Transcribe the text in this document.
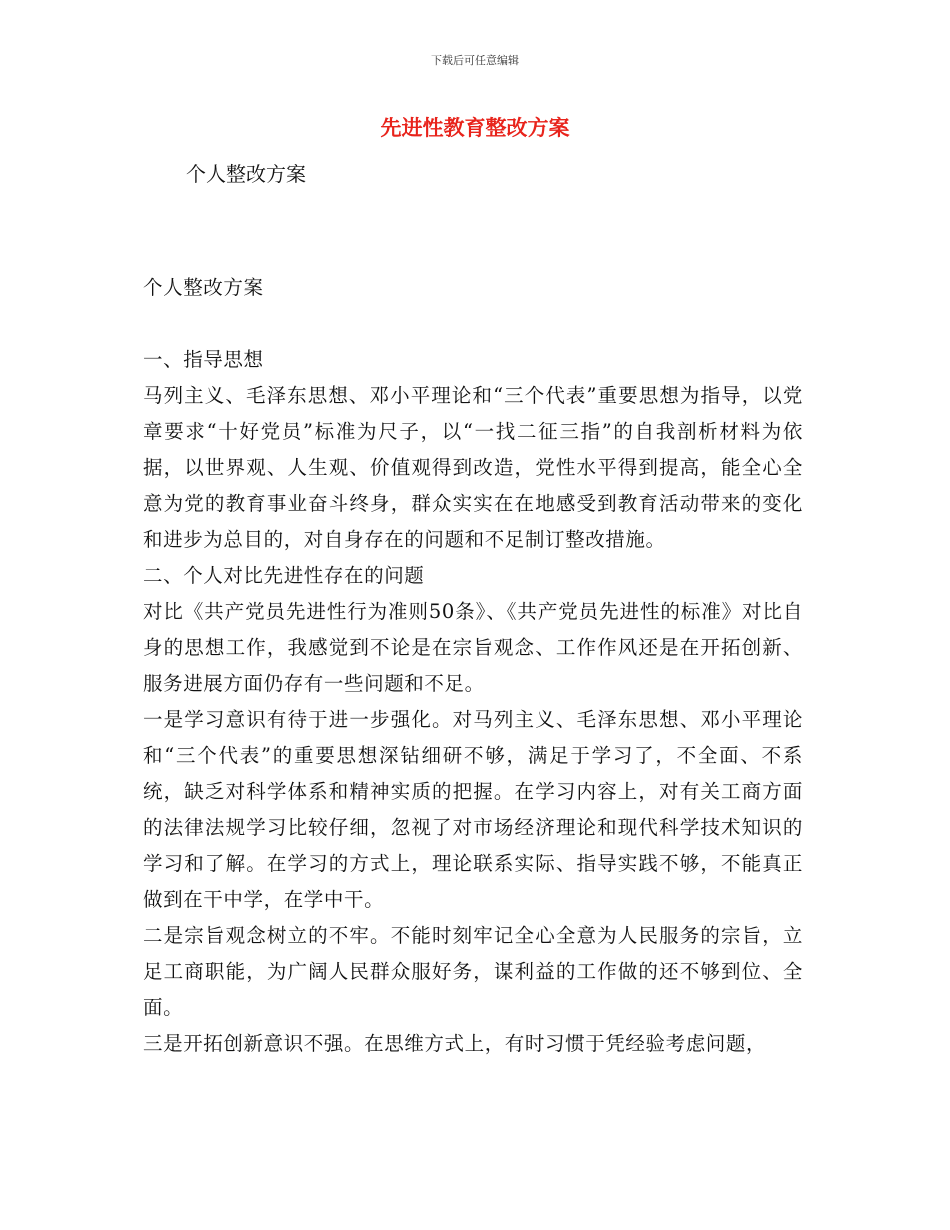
下载后可任意编辑
先进性教育整改方案
个人整改方案

个人整改方案

一、指导思想

马列主义、毛泽东思想、邓小平理论和“三个代表”重要思想为指导，以党章要求“十好党员”标准为尺子，以“一找二征三指”的自我剖析材料为依据，以世界观、人生观、价值观得到改造，党性水平得到提高，能全心全意为党的教育事业奋斗终身，群众实实在在地感受到教育活动带来的变化和进步为总目的，对自身存在的问题和不足制订整改措施。

二、个人对比先进性存在的问题

对比《共产党员先进性行为准则50条》、《共产党员先进性的标准》对比自身的思想工作，我感觉到不论是在宗旨观念、工作作风还是在开拓创新、服务进展方面仍存有一些问题和不足。

一是学习意识有待于进一步强化。对马列主义、毛泽东思想、邓小平理论和“三个代表”的重要思想深钻细研不够，满足于学习了，不全面、不系统，缺乏对科学体系和精神实质的把握。在学习内容上，对有关工商方面的法律法规学习比较仔细，忽视了对市场经济理论和现代科学技术知识的学习和了解。在学习的方式上，理论联系实际、指导实践不够，不能真正做到在干中学，在学中干。

二是宗旨观念树立的不牢。不能时刻牢记全心全意为人民服务的宗旨，立足工商职能，为广阔人民群众服好务，谋利益的工作做的还不够到位、全面。

三是开拓创新意识不强。在思维方式上，有时习惯于凭经验考虑问题，
